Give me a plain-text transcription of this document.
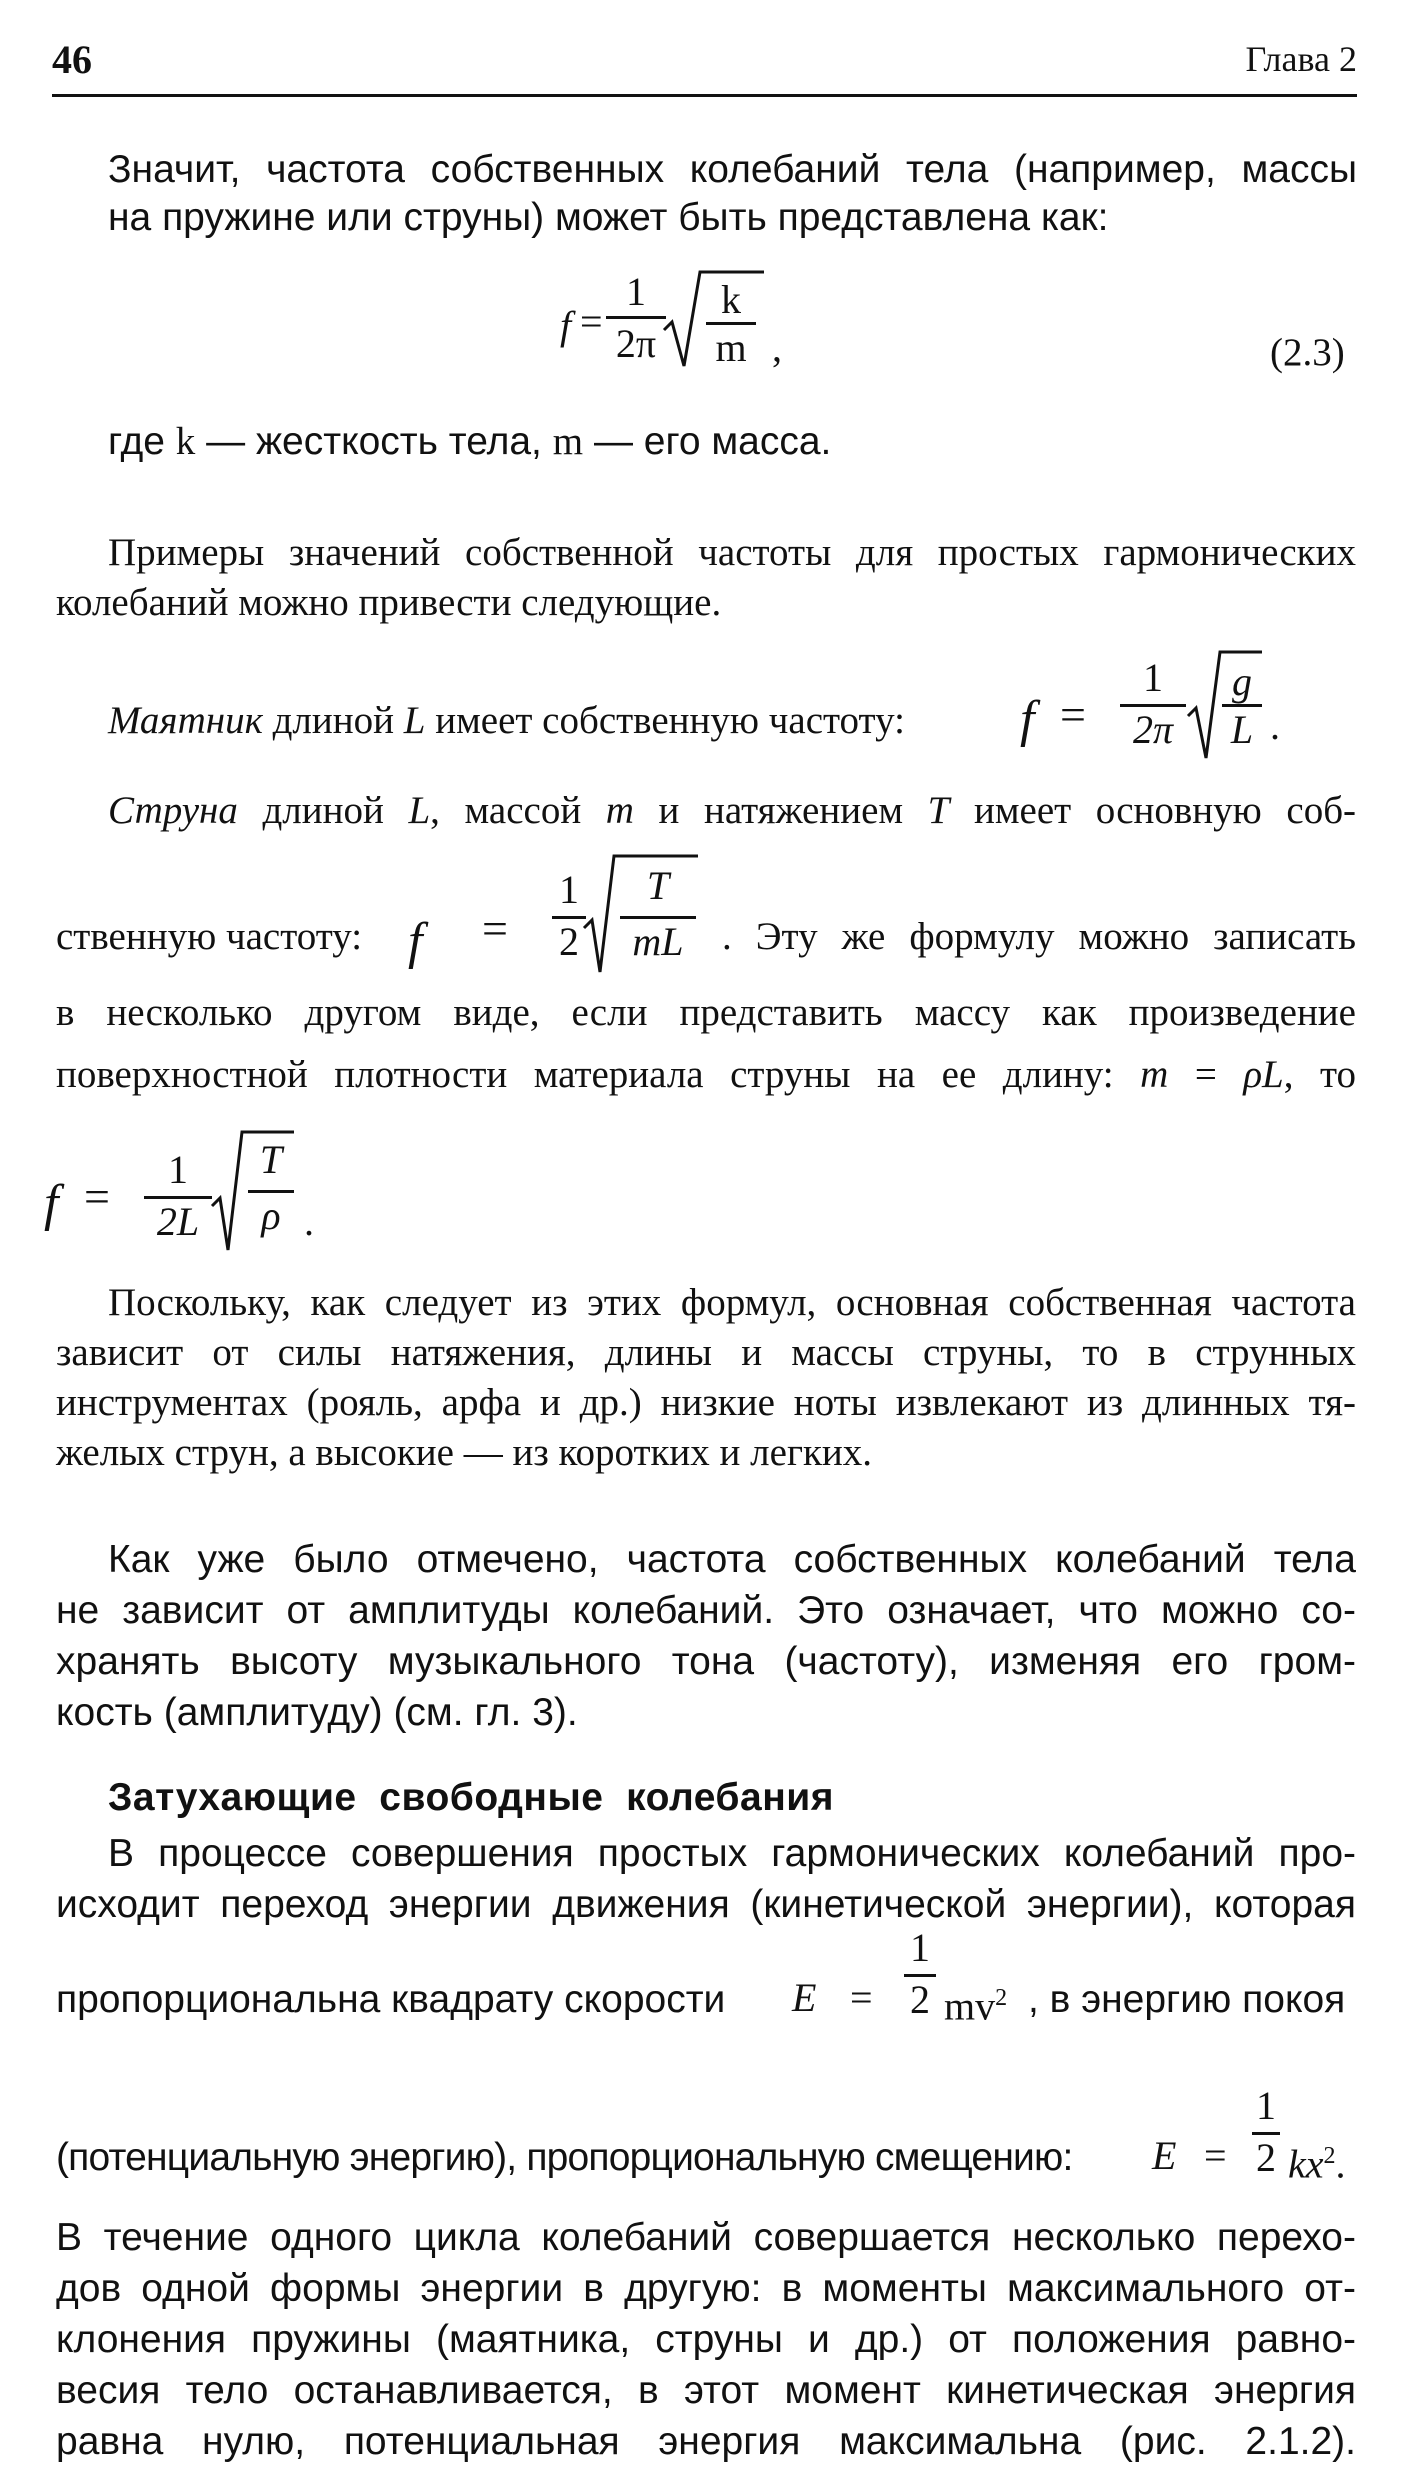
46	Глава 2
Значит, частота собственных колебаний тела (например, массы
на пружине или струны) может быть представлена как:
f =
1
2π
k
m ,	(2.3)
где k — жесткость тела, m — его масса.
Примеры значений собственной частоты для простых гармонических
колебаний можно привести следующие.
Маятник длиной L имеет собственную частоту:	f =
1
2π
g
L .
Струна длиной L, массой m и натяжением T имеет основную соб-
ственную частоту: f =
1
2
T
mL . Эту же формулу можно записать
в несколько другом виде, если представить массу как произведение
поверхностной плотности материала струны на ее длину: m = ρL, то
f =
1
2L
T
ρ .
Поскольку, как следует из этих формул, основная собственная частота
зависит от силы натяжения, длины и массы струны, то в струнных
инструментах (рояль, арфа и др.) низкие ноты извлекают из длинных тя-
желых струн, а высокие — из коротких и легких.
Как уже было отмечено, частота собственных колебаний тела
не зависит от амплитуды колебаний. Это означает, что можно со-
хранять высоту музыкального тона (частоту), изменяя его гром-
кость (амплитуду) (см. гл. 3).
Затухающие  свободные  колебания
В процессе совершения простых гармонических колебаний про-
исходит переход энергии движения (кинетической энергии), которая
пропорциональна квадрату скорости E =
1
2 $mv^2$ , в энергию покоя
(потенциальную энергию), пропорциональную смещению: E =
1
2 $kx^2$.
В течение одного цикла колебаний совершается несколько перехо-
дов одной формы энергии в другую: в моменты максимального от-
клонения пружины (маятника, струны и др.) от положения равно-
весия тело останавливается, в этот момент кинетическая энергия
равна нулю, потенциальная энергия максимальна (рис. 2.1.2).
